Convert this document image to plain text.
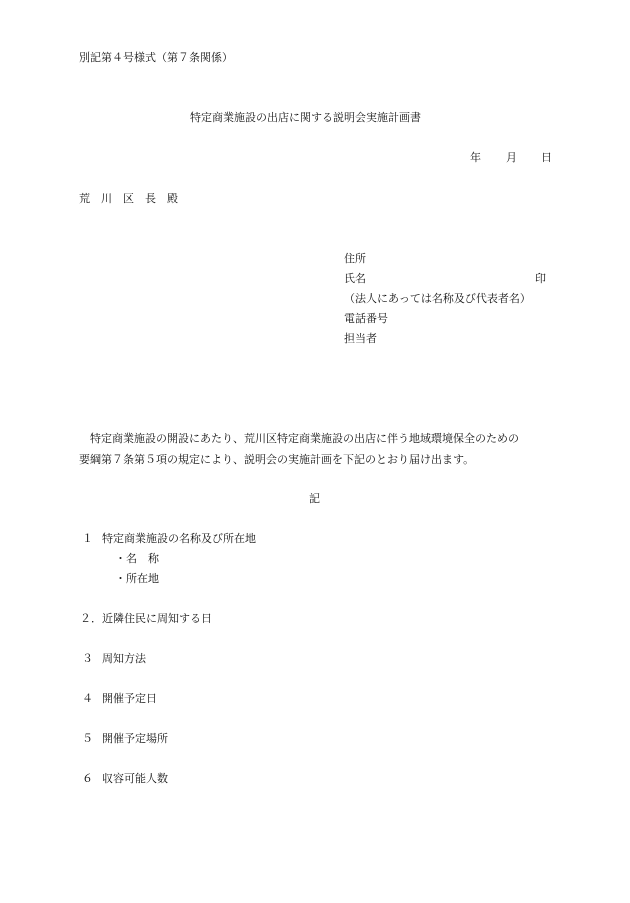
別記第４号様式（第７条関係）
特定商業施設の出店に関する説明会実施計画書
年 月 日
荒　川　区　長　殿
住所
氏名	印
（法人にあっては名称及び代表者名）
電話番号
担当者
特定商業施設の開設にあたり、荒川区特定商業施設の出店に伴う地域環境保全のための
要綱第７条第５項の規定により、説明会の実施計画を下記のとおり届け出ます。
記
１ 特定商業施設の名称及び所在地
・名　称
・所在地
２． 近隣住民に周知する日
３ 周知方法
４ 開催予定日
５ 開催予定場所
６ 収容可能人数
